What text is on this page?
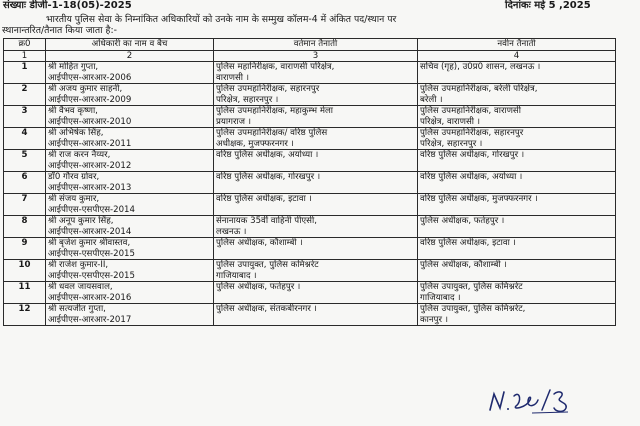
संख्याः डीजी-1-18(05)-2025	दिनांकः मई 5 ,2025
भारतीय पुलिस सेवा के निम्नांकित अधिकारियों को उनके नाम के सम्मुख कॉलम-4 में अंकित पद/स्थान पर
स्थानान्तरित/तैनात किया जाता है:-
क्र0	अधिकारी का नाम व बैच	वर्तमान तैनाती	नवीन तैनाती
1	2	3	4
1	श्री मोहित गुप्ता,
आईपीएस-आरआर-2006	पुलिस महानिरीक्षक, वाराणसी परिक्षेत्र,
वाराणसी ।	सचिव (गृह), उ0प्र0 शासन, लखनऊ ।

2	श्री अजय कुमार साहनी,
आईपीएस-आरआर-2009	पुलिस उपमहानिरीक्षक, सहारनपुर
परिक्षेत्र, सहारनपुर ।	पुलिस उपमहानिरीक्षक, बरेली परिक्षेत्र,
बरेली ।

3	श्री वैभव कृष्णा,
आईपीएस-आरआर-2010	पुलिस उपमहानिरीक्षक, महाकुम्भ मेला
प्रयागराज ।	पुलिस उपमहानिरीक्षक, वाराणसी
परिक्षेत्र, वाराणसी ।

4	श्री अभिषेक सिंह,
आईपीएस-आरआर-2011	पुलिस उपमहानिरीक्षक/ वरिष्ठ पुलिस
अधीक्षक, मुजफ्फरनगर ।	पुलिस उपमहानिरीक्षक, सहारनपुर
परिक्षेत्र, सहारनपुर ।

5	श्री राज करन नैय्यर,
आईपीएस-आरआर-2012	वरिष्ठ पुलिस अधीक्षक, अयोध्या ।	वरिष्ठ पुलिस अधीक्षक, गोरखपुर ।

6	डॉ0 गौरव ग्रोवर,
आईपीएस-आरआर-2013	वरिष्ठ पुलिस अधीक्षक, गोरखपुर ।	वरिष्ठ पुलिस अधीक्षक, अयोध्या ।

7	श्री संजय कुमार,
आईपीएस-एसपीएस-2014	वरिष्ठ पुलिस अधीक्षक, इटावा ।	वरिष्ठ पुलिस अधीक्षक, मुजफ्फरनगर ।

8	श्री अनूप कुमार सिंह,
आईपीएस-आरआर-2014	सेनानायक 35वीं वाहिनी पीएसी,
लखनऊ ।	पुलिस अधीक्षक, फतेहपुर ।

9	श्री बृजेश कुमार श्रीवास्तव,
आईपीएस-एसपीएस-2015	पुलिस अधीक्षक, कौशाम्बी ।	वरिष्ठ पुलिस अधीक्षक, इटावा ।

10	श्री राजेश कुमार-II,
आईपीएस-एसपीएस-2015	पुलिस उपायुक्त, पुलिस कमिश्नरेट
गाजियाबाद ।	पुलिस अधीक्षक, कौशाम्बी ।

11	श्री धवल जायसवाल,
आईपीएस-आरआर-2016	पुलिस अधीक्षक, फतेहपुर ।	पुलिस उपायुक्त, पुलिस कमिश्नरेट
गाजियाबाद ।

12	श्री सत्यजीत गुप्ता,
आईपीएस-आरआर-2017	पुलिस अधीक्षक, संतकबीरनगर ।	पुलिस उपायुक्त, पुलिस कमिश्नरेट,
कानपुर ।
